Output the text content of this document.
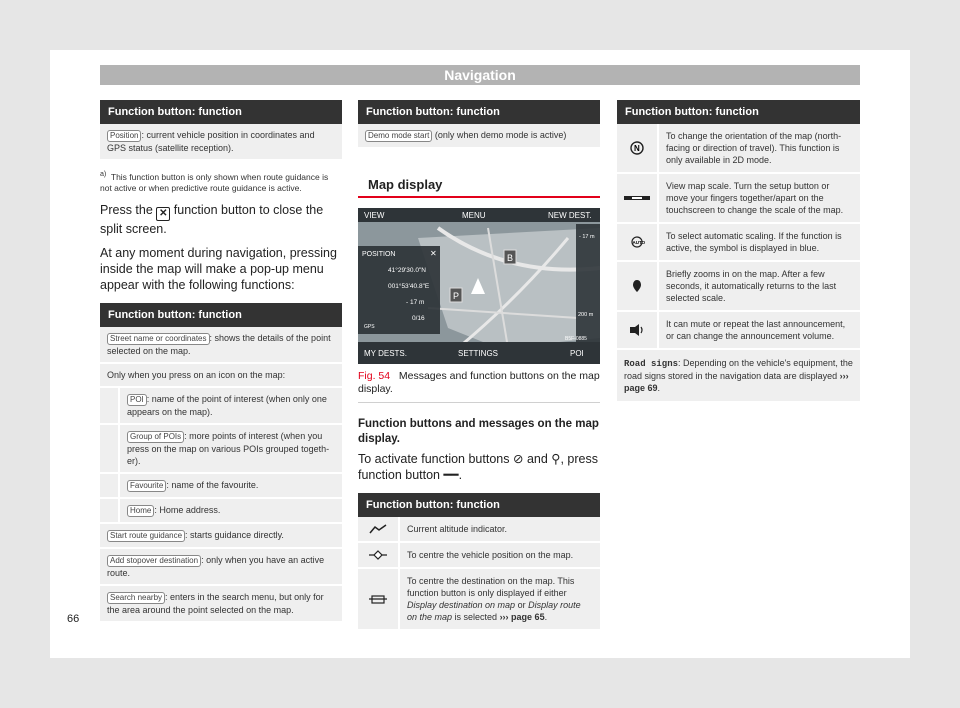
Navigation
Function button: function
Position : current vehicle position in coordinates and GPS status (satellite reception).

$^{a)}$ This function button is only shown when route guidance is not active or when predictive route guidance is active.

Press the ✕ function button to close the split screen.

At any moment during navigation, pressing inside the map will make a pop-up menu appear with the following functions:

Function button: function
Street name or coordinates : shows the details of the point selected on the map.
Only when you press on an icon on the map:
POI : name of the point of interest (when only one appears on the map).
Group of POIs : more points of interest (when you press on the map on various POIs grouped together).
Favourite : name of the favourite.
Home : Home address.
Start route guidance : starts guidance directly.
Add stopover destination : only when you have an active route.
Search nearby : enters in the search menu, but only for the area around the point selected on the map.
Function button: function
Demo mode start (only when demo mode is active)
Map display
VIEW	MENU	NEW DEST.
MY DESTS.	SETTINGS	POI
POSITION	✕
41°29'30.0"N
001°53'40.8"E
- 17 m
0/16
GPS
P
B
200 m
- 17 m
B5F-0885
Fig. 54 Messages and function buttons on the map display.
Function buttons and messages on the map display.

To activate function buttons ⊘ and ⚲, press function button ━━.

Function button: function
Current altitude indicator.
To centre the vehicle position on the map.
To centre the destination on the map. This function button is only displayed if either Display destination on map or Display route on the map is selected ››› page 65.
Function button: function
N
To change the orientation of the map (north-facing or direction of travel). This function is only available in 2D mode.
View map scale. Turn the setup button or move your fingers together/apart on the touchscreen to change the scale of the map.
AUTO
To select automatic scaling. If the function is active, the symbol is displayed in blue.
Briefly zooms in on the map. After a few seconds, it automatically returns to the last selected scale.
It can mute or repeat the last announcement, or can change the announcement volume.
Road signs: Depending on the vehicle's equipment, the road signs stored in the navigation data are displayed ››› page 69.
66
